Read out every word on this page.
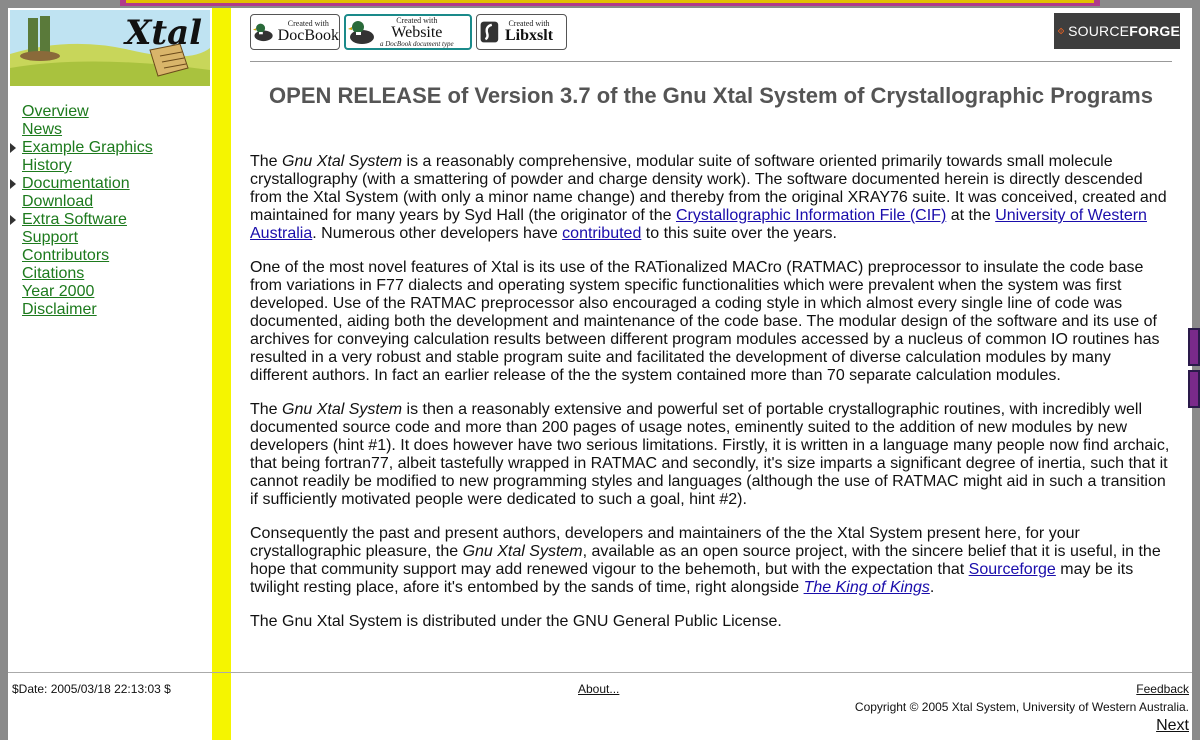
Xtal
Overview
News
Example Graphics
History
Documentation
Download
Extra Software
Support
Contributors
Citations
Year 2000
Disclaimer
Created with
DocBook
Created with
Website
a DocBook document type
Created with
Libxslt	SOURCEFORGE
OPEN RELEASE of Version 3.7 of the Gnu Xtal System of Crystallographic Programs

The Gnu Xtal System is a reasonably comprehensive, modular suite of software oriented primarily towards small molecule crystallography (with a smattering of powder and charge density work). The software documented herein is directly descended from the Xtal System (with only a minor name change) and thereby from the original XRAY76 suite. It was conceived, created and maintained for many years by Syd Hall (the originator of the Crystallographic Information File (CIF) at the University of Western Australia. Numerous other developers have contributed to this suite over the years.

One of the most novel features of Xtal is its use of the RATionalized MACro (RATMAC) preprocessor to insulate the code base from variations in F77 dialects and operating system specific functionalities which were prevalent when the system was first developed. Use of the RATMAC preprocessor also encouraged a coding style in which almost every single line of code was documented, aiding both the development and maintenance of the code base. The modular design of the software and its use of archives for conveying calculation results between different program modules accessed by a nucleus of common IO routines has resulted in a very robust and stable program suite and facilitated the development of diverse calculation modules by many different authors. In fact an earlier release of the the system contained more than 70 separate calculation modules.

The Gnu Xtal System is then a reasonably extensive and powerful set of portable crystallographic routines, with incredibly well documented source code and more than 200 pages of usage notes, eminently suited to the addition of new modules by new developers (hint #1). It does however have two serious limitations. Firstly, it is written in a language many people now find archaic, that being fortran77, albeit tastefully wrapped in RATMAC and secondly, it's size imparts a significant degree of inertia, such that it cannot readily be modified to new programming styles and languages (although the use of RATMAC might aid in such a transition if sufficiently motivated people were dedicated to such a goal, hint #2).

Consequently the past and present authors, developers and maintainers of the the Xtal System present here, for your crystallographic pleasure, the Gnu Xtal System, available as an open source project, with the sincere belief that it is useful, in the hope that community support may add renewed vigour to the behemoth, but with the expectation that Sourceforge may be its twilight resting place, afore it's entombed by the sands of time, right alongside The King of Kings.

The Gnu Xtal System is distributed under the GNU General Public License.

$Date: 2005/03/18 22:13:03 $	About...	Feedback
Copyright © 2005 Xtal System, University of Western Australia.
Next
